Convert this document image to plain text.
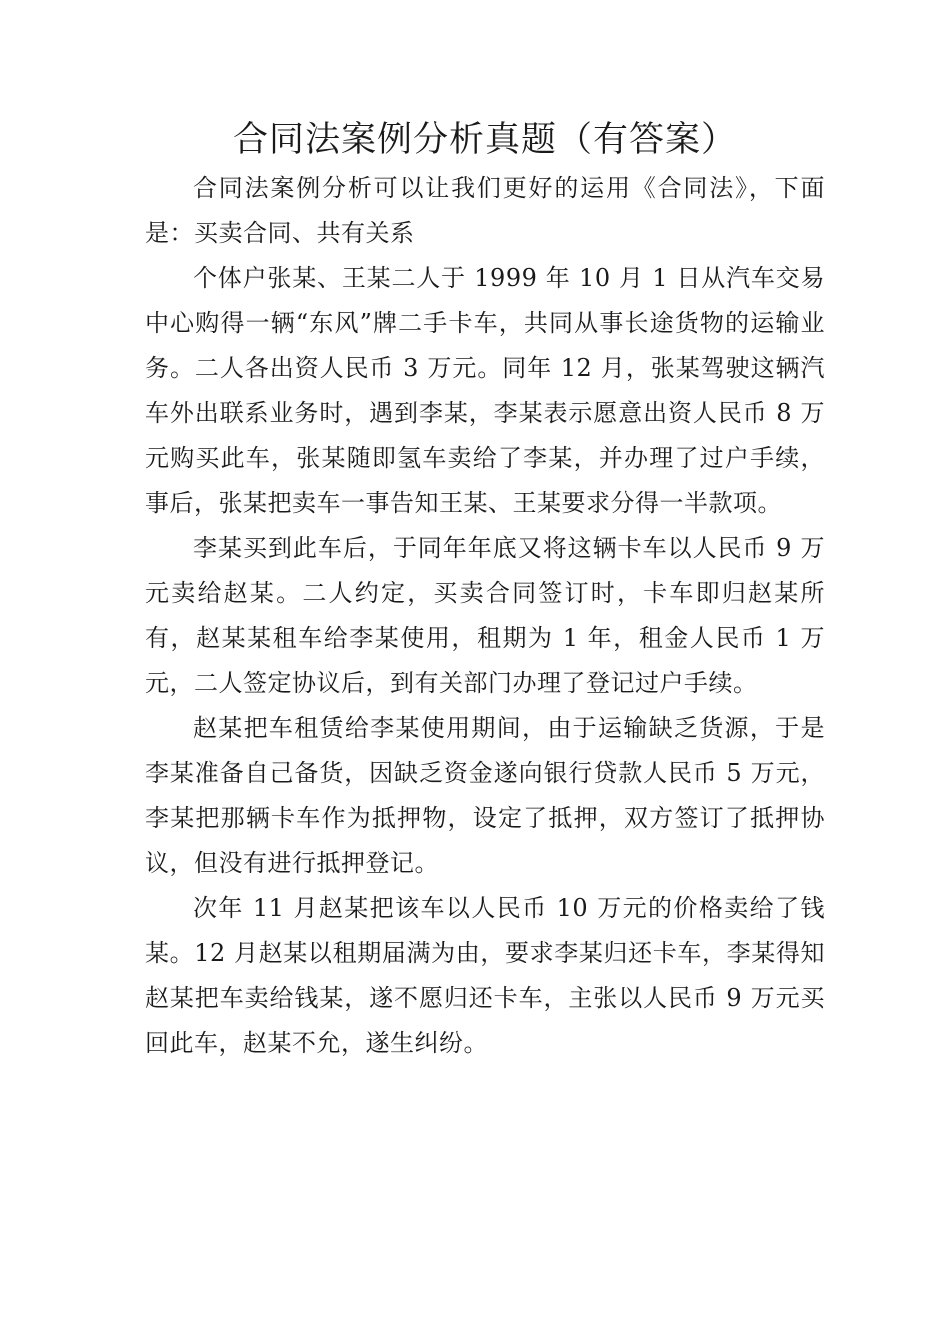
合同法案例分析真题（有答案）

合同法案例分析可以让我们更好的运用《合同法》，下面是：买卖合同、共有关系

个体户张某、王某二人于 1999 年 10 月 1 日从汽车交易中心购得一辆“东风”牌二手卡车，共同从事长途货物的运输业务。二人各出资人民币 3 万元。同年 12 月，张某驾驶这辆汽车外出联系业务时，遇到李某，李某表示愿意出资人民币 8 万元购买此车，张某随即氢车卖给了李某，并办理了过户手续，事后，张某把卖车一事告知王某、王某要求分得一半款项。

李某买到此车后，于同年年底又将这辆卡车以人民币 9 万元卖给赵某。二人约定，买卖合同签订时，卡车即归赵某所有，赵某某租车给李某使用，租期为 1 年，租金人民币 1 万元，二人签定协议后，到有关部门办理了登记过户手续。

赵某把车租赁给李某使用期间，由于运输缺乏货源，于是李某准备自己备货，因缺乏资金遂向银行贷款人民币 5 万元，李某把那辆卡车作为抵押物，设定了抵押，双方签订了抵押协议，但没有进行抵押登记。

次年 11 月赵某把该车以人民币 10 万元的价格卖给了钱某。12 月赵某以租期届满为由，要求李某归还卡车，李某得知赵某把车卖给钱某，遂不愿归还卡车，主张以人民币 9 万元买回此车，赵某不允，遂生纠纷。
